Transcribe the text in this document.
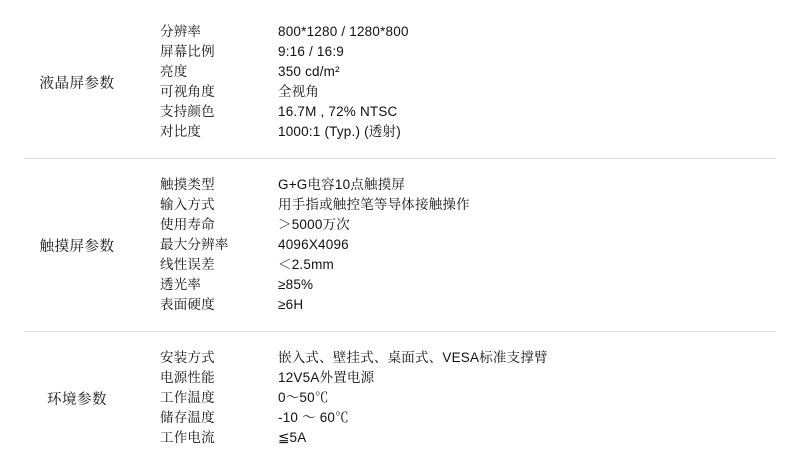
液晶屏参数
分辨率	800*1280 / 1280*800
屏幕比例	9:16 / 16:9
亮度	350 cd/m²
可视角度	全视角
支持颜色	16.7M , 72% NTSC
对比度	1000:1 (Typ.) (透射)
触摸屏参数
触摸类型	G+G电容10点触摸屏
输入方式	用手指或触控笔等导体接触操作
使用寿命	＞5000万次
最大分辨率	4096X4096
线性误差	＜2.5mm
透光率	≥85%
表面硬度	≥6H
环境参数
安装方式	嵌入式、壁挂式、桌面式、VESA标准支撑臂
电源性能	12V5A外置电源
工作温度	0～50℃
储存温度	-10 ～ 60℃
工作电流	≦5A
